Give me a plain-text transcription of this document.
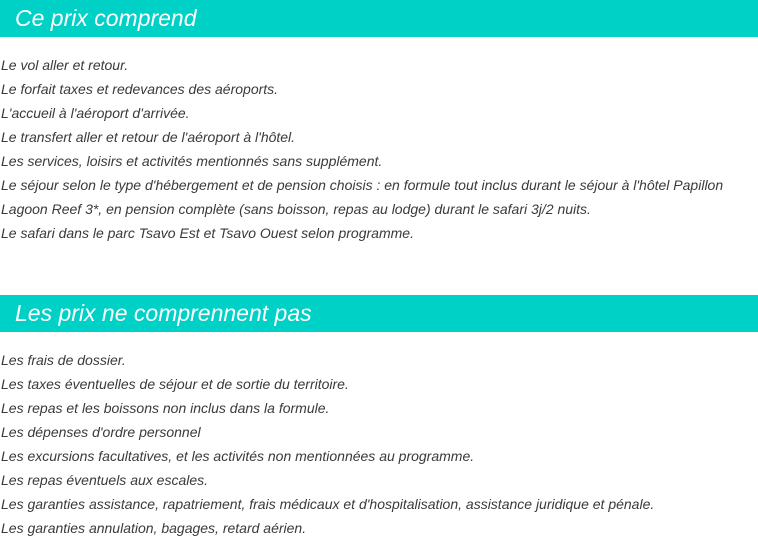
Ce prix comprend
Le vol aller et retour.
Le forfait taxes et redevances des aéroports.
L'accueil à l'aéroport d'arrivée.
Le transfert aller et retour de l'aéroport à l'hôtel.
Les services, loisirs et activités mentionnés sans supplément.
Le séjour selon le type d'hébergement et de pension choisis : en formule tout inclus durant le séjour à l'hôtel Papillon
Lagoon Reef 3*, en pension complète (sans boisson, repas au lodge) durant le safari 3j/2 nuits.
Le safari dans le parc Tsavo Est et Tsavo Ouest selon programme.
Les prix ne comprennent pas
Les frais de dossier.
Les taxes éventuelles de séjour et de sortie du territoire.
Les repas et les boissons non inclus dans la formule.
Les dépenses d'ordre personnel
Les excursions facultatives, et les activités non mentionnées au programme.
Les repas éventuels aux escales.
Les garanties assistance, rapatriement, frais médicaux et d'hospitalisation, assistance juridique et pénale.
Les garanties annulation, bagages, retard aérien.
